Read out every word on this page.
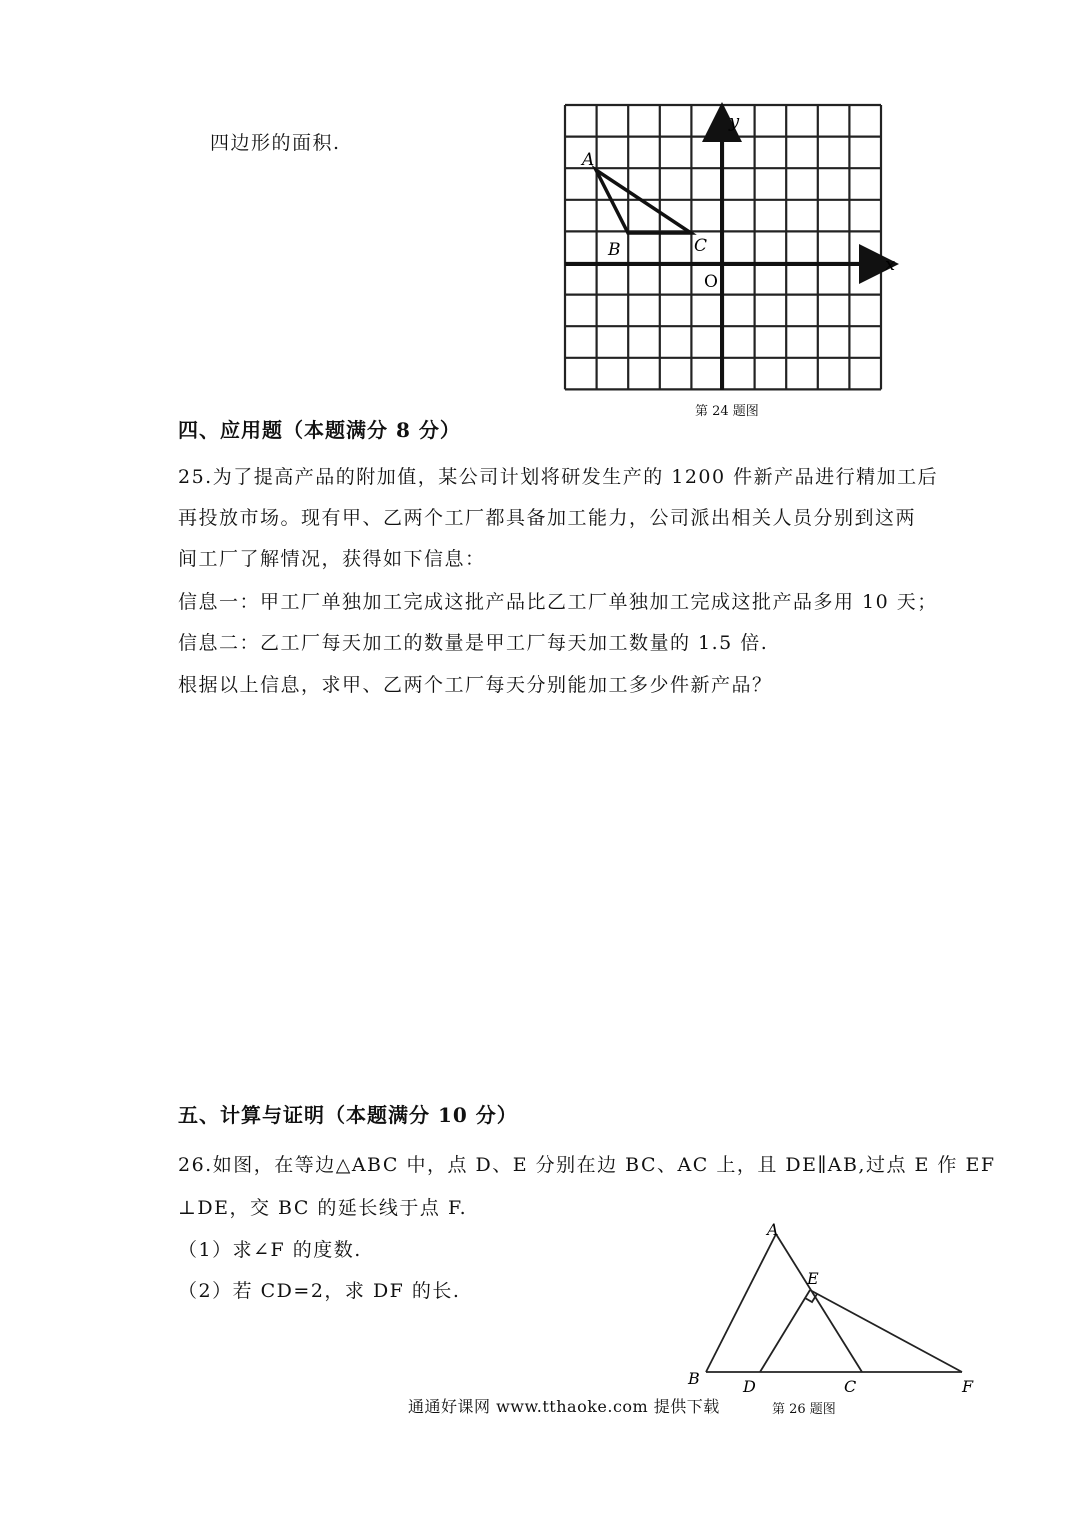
四边形的面积.
A
B	C
O
x
y
第 24 题图
四、应用题（本题满分 8 分）
25.为了提高产品的附加值，某公司计划将研发生产的 1200 件新产品进行精加工后
再投放市场。现有甲、乙两个工厂都具备加工能力，公司派出相关人员分别到这两
间工厂了解情况，获得如下信息：
信息一：甲工厂单独加工完成这批产品比乙工厂单独加工完成这批产品多用 10 天；
信息二：乙工厂每天加工的数量是甲工厂每天加工数量的 1.5 倍.
根据以上信息，求甲、乙两个工厂每天分别能加工多少件新产品？
五、计算与证明（本题满分 10 分）
26.如图，在等边△ABC 中，点 D、E 分别在边 BC、AC 上，且 DE∥AB,过点 E 作 EF
⊥DE，交 BC 的延长线于点 F.
（1）求∠F 的度数.
（2）若 CD=2，求 DF 的长.
A
B	C
D
E
F
第 26 题图
通通好课网 www.tthaoke.com 提供下载
